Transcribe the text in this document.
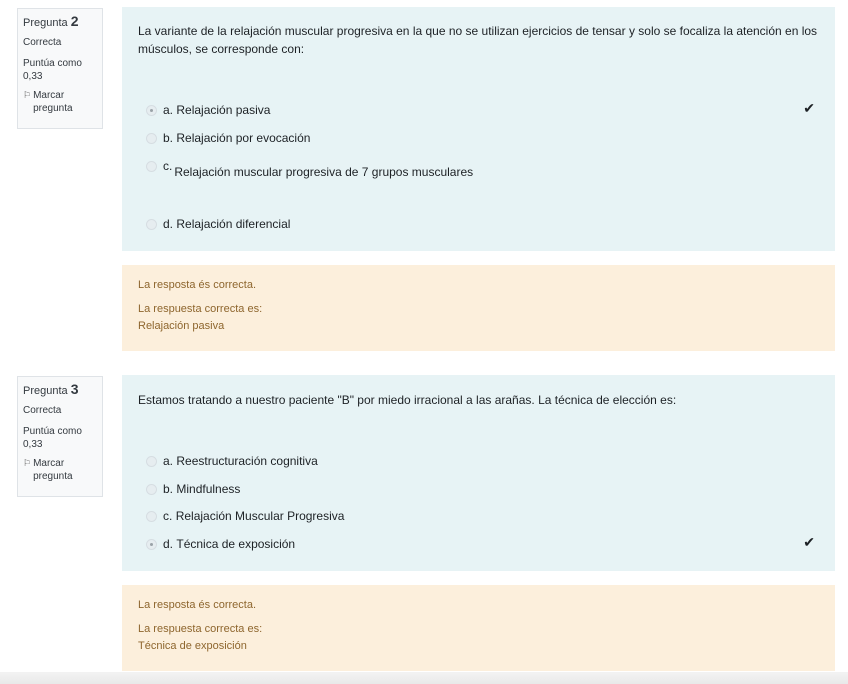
Pregunta 2
Correcta
Puntúa como
0,33
⚐ Marcar pregunta
La variante de la relajación muscular progresiva en la que no se utilizan ejercicios de tensar y solo se focaliza la atención en los músculos, se corresponde con:
a.
Relajación pasiva	✔
b.
Relajación por evocación
c. Relajación muscular progresiva de 7 grupos musculares
d.
Relajación diferencial
La resposta és correcta.
La respuesta correcta es:
Relajación pasiva
Pregunta 3
Correcta
Puntúa como
0,33
⚐ Marcar pregunta
Estamos tratando a nuestro paciente "B" por miedo irracional a las arañas. La técnica de elección es:
a.
Reestructuración cognitiva
b.
Mindfulness
c.
Relajación Muscular Progresiva
d.
Técnica de exposición	✔
La resposta és correcta.
La respuesta correcta es:
Técnica de exposición
